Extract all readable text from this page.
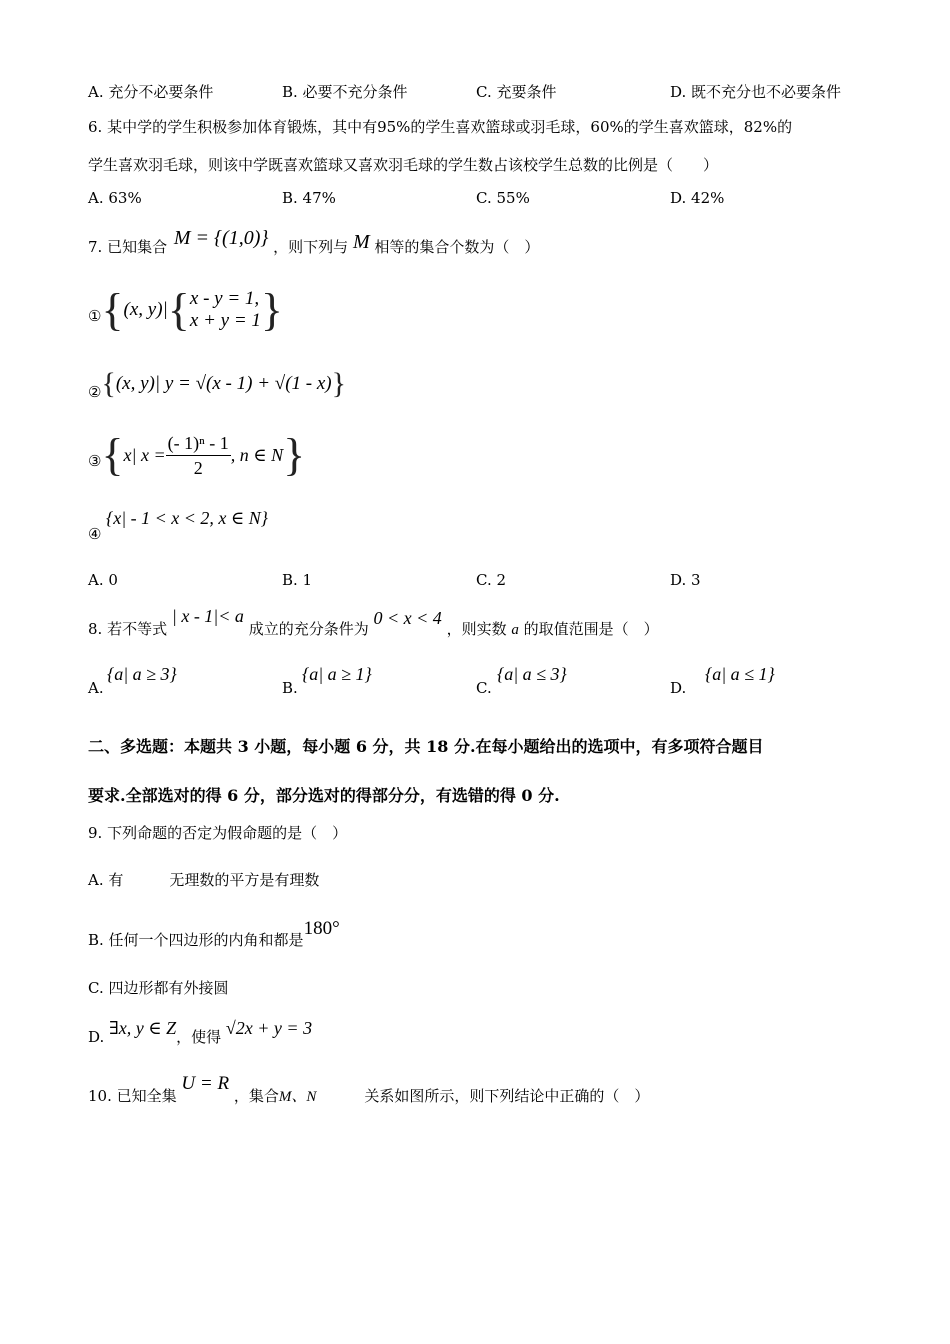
A. 充分不必要条件	B. 必要不充分条件	C. 充要条件	D. 既不充分也不必要条件
6. 某中学的学生积极参加体育锻炼，其中有95%的学生喜欢篮球或羽毛球，60%的学生喜欢篮球，82%的
学生喜欢羽毛球，则该中学既喜欢篮球又喜欢羽毛球的学生数占该校学生总数的比例是（　　）
A. 63%	B. 47%	C. 55%	D. 42%
7. 已知集合 M = {(1,0)} ，则下列与 M 相等的集合个数为（　）
①{(x, y)|{ x - y = 1,
x + y = 1 }
②{(x, y)| y = √(x - 1) + √(1 - x)}
③{x| $x = \frac{\text{(- 1)ⁿ - 1}}{2}$ , n ∈ N}
④
{x| - 1 < x < 2, x ∈ N}
A. 0	B. 1	C. 2	D. 3
8. 若不等式 | x - 1|< a 成立的充分条件为 0 < x < 4 ，则实数 a 的取值范围是（　）
A.
{a| a ≥ 3}
B.
{a| a ≥ 1}
C.
{a| a ≤ 3}
D.
{a| a ≤ 1}
二、多选题：本题共 3 小题，每小题 6 分，共 18 分.在每小题给出的选项中，有多项符合题目
要求.全部选对的得 6 分，部分选对的得部分分，有选错的得 0 分.
9. 下列命题的否定为假命题的是（　）
A. 有	无理数的平方是有理数
B. 任何一个四边形的内角和都是180°
C. 四边形都有外接圆
D. ∃x, y ∈ Z，使得 √2x + y = 3
10. 已知全集 U = R ，集合M、N	关系如图所示，则下列结论中正确的（　）
